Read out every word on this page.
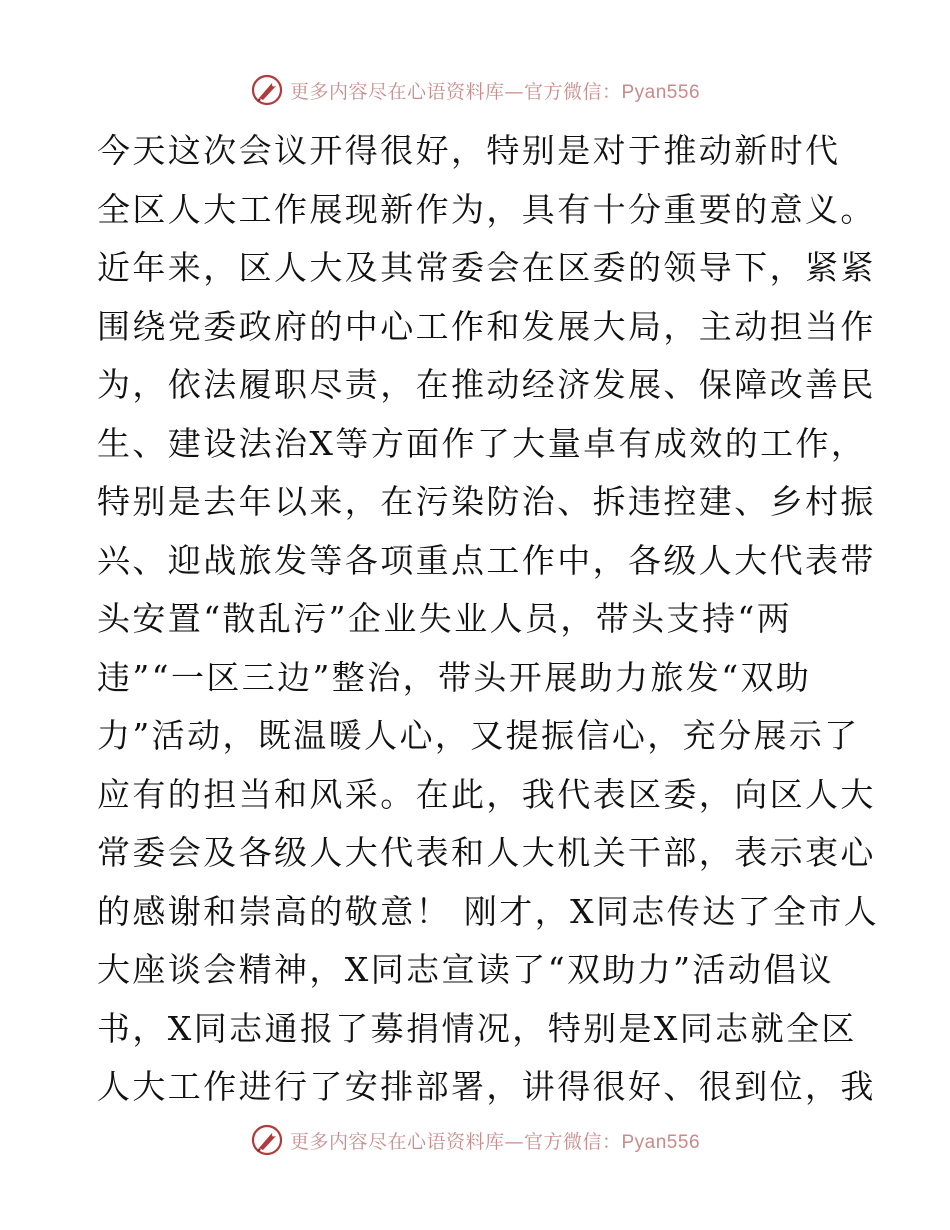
更多内容尽在心语资料库—官方微信：Pyan556
今天这次会议开得很好，特别是对于推动新时代
全区人大工作展现新作为，具有十分重要的意义。
近年来，区人大及其常委会在区委的领导下，紧紧
围绕党委政府的中心工作和发展大局，主动担当作
为，依法履职尽责，在推动经济发展、保障改善民
生、建设法治X等方面作了大量卓有成效的工作，
特别是去年以来，在污染防治、拆违控建、乡村振
兴、迎战旅发等各项重点工作中，各级人大代表带
头安置“散乱污”企业失业人员，带头支持“两
违”“一区三边”整治，带头开展助力旅发“双助
力”活动，既温暖人心，又提振信心，充分展示了
应有的担当和风采。在此，我代表区委，向区人大
常委会及各级人大代表和人大机关干部，表示衷心
的感谢和崇高的敬意！ 刚才，X同志传达了全市人
大座谈会精神，X同志宣读了“双助力”活动倡议
书，X同志通报了募捐情况，特别是X同志就全区
人大工作进行了安排部署，讲得很好、很到位，我
更多内容尽在心语资料库—官方微信：Pyan556
